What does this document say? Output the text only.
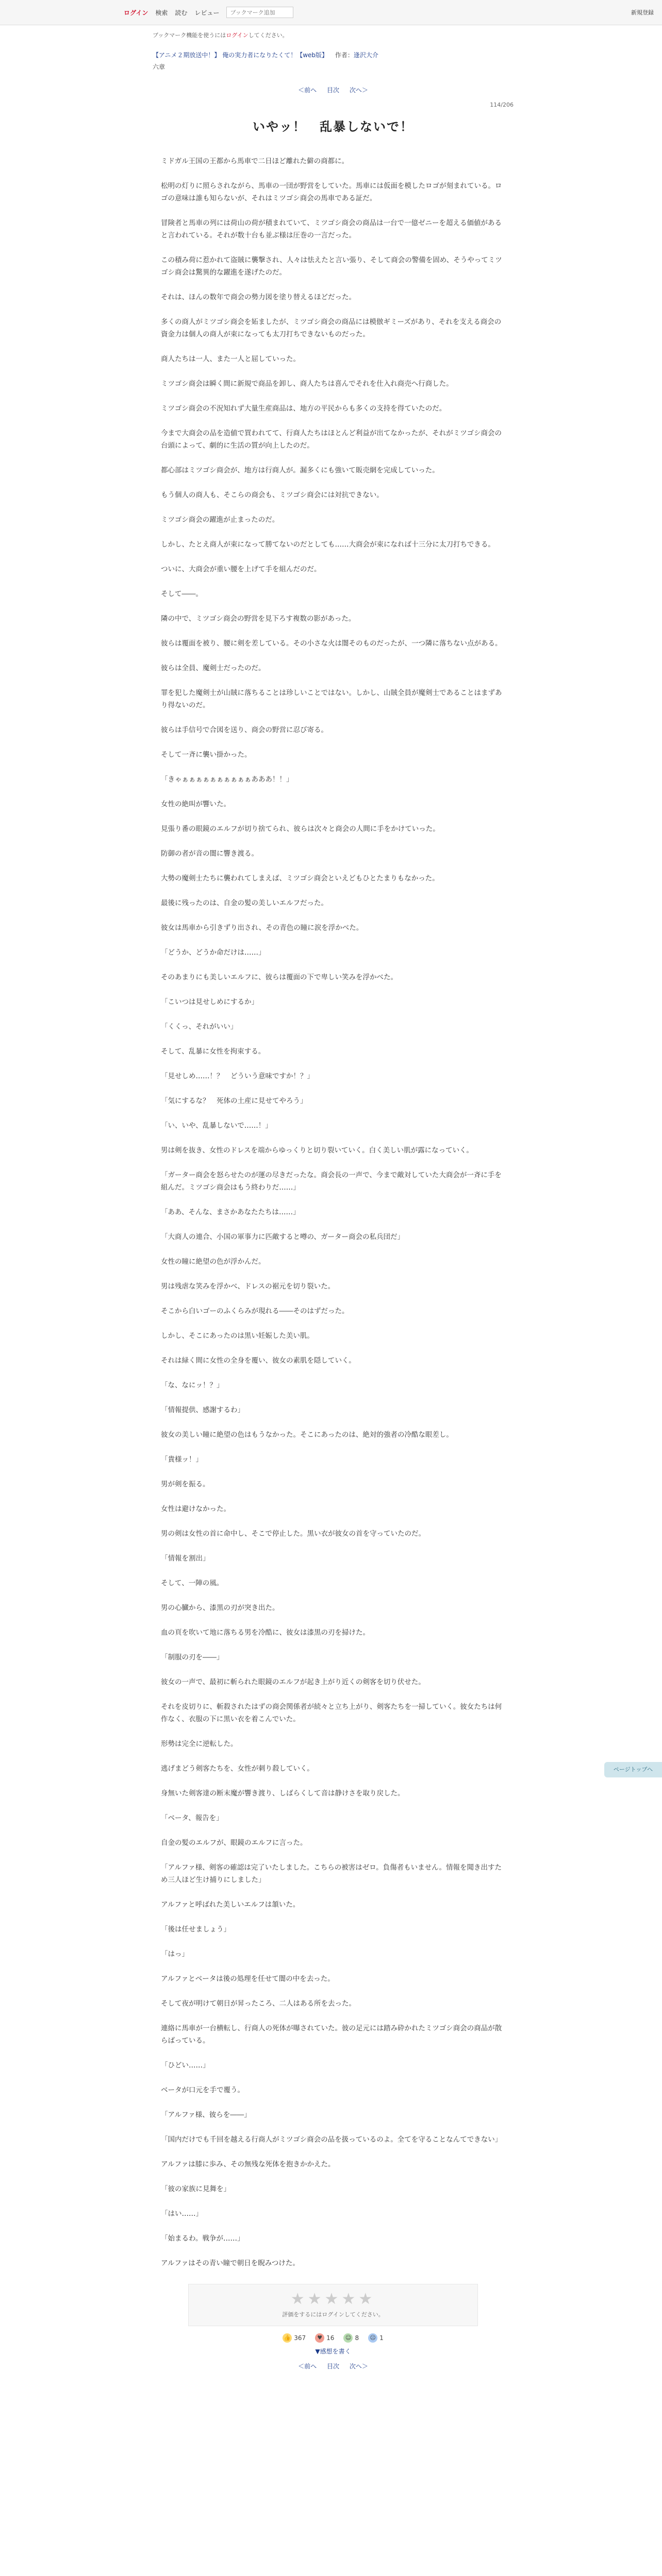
ログイン 検索 読む レビュー
ブックマーク追加	新規登録
ブックマーク機能を使うにはログインしてください。
【アニメ２期放送中！】 俺の実力者になりたくて！【web版】 作者：逢沢大介
六章
＜前へ 目次 次へ＞
114/206
いやッ！　乱暴しないで！

ミドガル王国の王都から馬車で二日ほど離れた僻の商都に。

松明の灯りに照らされながら、馬車の一団が野営をしていた。馬車には仮面を模したロゴが刻まれている。ロゴの意味は誰も知らないが、それはミツゴシ商会の馬車である証だ。

冒険者と馬車の列には荷山の荷が積まれていて、ミツゴシ商会の商品は一台で一億ゼニーを超える価値があると言われている。それが数十台も並ぶ様は圧巻の一言だった。

この積み荷に惹かれて盗賊に襲撃され、人々は怯えたと言い張り、そして商会の警備を固め、そうやってミツゴシ商会は驚異的な躍進を遂げたのだ。

それは、ほんの数年で商会の勢力図を塗り替えるほどだった。

多くの商人がミツゴシ商会を妬ましたが、ミツゴシ商会の商品には模倣ギミーズがあり、それを支える商会の資金力は個人の商人が束になっても太刀打ちできないものだった。

商人たちは一人、また一人と屈していった。

ミツゴシ商会は瞬く間に新規で商品を卸し、商人たちは喜んでそれを仕入れ商売へ行商した。

ミツゴシ商会の不況知れず大量生産商品は、地方の平民からも多くの支持を得ていたのだ。

今まで大商会の品を造値で買われてて、行商人たちはほとんど利益が出てなかったが、それがミツゴシ商会の台頭によって、劇的に生活の質が向上したのだ。

都心部はミツゴシ商会が、地方は行商人が。漏多くにも強いて販売網を完成していった。

もう個人の商人も、そこらの商会も、ミツゴシ商会には対抗できない。

ミツゴシ商会の躍進が止まったのだ。

しかし、たとえ商人が束になって勝てないのだとしても……大商会が束になれば十三分に太刀打ちできる。

ついに、大商会が重い腰を上げて手を組んだのだ。

そして――。

隣の中で、ミツゴシ商会の野営を見下ろす複数の影があった。

彼らは覆面を被り、腰に剣を差している。その小さな火は闇そのものだったが、一つ隣に落ちない点がある。

彼らは全員、魔剣士だったのだ。

罪を犯した魔剣士が山賊に落ちることは珍しいことではない。しかし、山賊全員が魔剣士であることはまずあり得ないのだ。

彼らは手信号で合図を送り、商会の野営に忍び寄る。

そして一斉に襲い掛かった。

「きゃぁぁぁぁぁぁぁぁぁぁあああ！！」

女性の絶叫が響いた。

見張り番の眼鏡のエルフが切り捨てられ、彼らは次々と商会の人間に手をかけていった。

防御の者が音の闇に響き渡る。

大勢の魔剣士たちに襲われてしまえば、ミツゴシ商会といえどもひとたまりもなかった。

最後に残ったのは、自金の髪の美しいエルフだった。

彼女は馬車から引きずり出され、その青色の瞳に涙を浮かべた。

「どうか、どうか命だけは……」

そのあまりにも美しいエルフに、彼らは覆面の下で卑しい笑みを浮かべた。

「こいつは見せしめにするか」

「くくっ、それがいい」

そして、乱暴に女性を拘束する。

「見せしめ……！？　どういう意味ですか！？」

「気にするな？　死体の土産に見せてやろう」

「い、いや、乱暴しないで……！」

男は剣を抜き、女性のドレスを端からゆっくりと切り裂いていく。白く美しい肌が露になっていく。

「ガーター商会を怒らせたのが運の尽きだったな。商会長の一声で、今まで敵対していた大商会が一斉に手を組んだ。ミツゴシ商会はもう終わりだ……」

「ああ、そんな、まさかあなたたちは……」

「大商人の連合、小国の軍事力に匹敵すると噂の、ガーター商会の私兵団だ」

女性の瞳に絶望の色が浮かんだ。

男は残虐な笑みを浮かべ、ドレスの裾元を切り裂いた。

そこから白いゴーのふくらみが現れる――そのはずだった。

しかし、そこにあったのは黒い妊娠した美い肌。

それは緑く間に女性の全身を覆い、彼女の素肌を隠していく。

「な、なにッ！？」

「情報提供、感謝するわ」

彼女の美しい瞳に絶望の色はもうなかった。そこにあったのは、絶対的強者の冷酷な眼差し。

「貴様ッ！」

男が剣を振る。

女性は避けなかった。

男の剣は女性の首に命中し、そこで停止した。黒い衣が彼女の首を守っていたのだ。

「情報を割出」

そして、一陣の風。

男の心臓から、漆黒の刃が突き出た。

血の頁を吹いて地に落ちる男を冷酷に、彼女は漆黒の刃を掃けた。

「制服の刃を――」

彼女の一声で、最初に斬られた眼鏡のエルフが起き上がり近くの剣客を切り伏せた。

それを皮切りに、斬殺されたはずの商会関係者が続々と立ち上がり、剣客たちを一掃していく。彼女たちは何作なく、衣服の下に黒い衣を着こんでいた。

形勢は完全に逆転した。

逃げまどう剣客たちを、女性が刺り殺していく。

身無いた剣客達の断末魔が響き渡り、しばらくして音は静けさを取り戻した。

「ベータ、報告を」

自金の髪のエルフが、眼鏡のエルフに言った。

「アルファ様、剣客の確認は完了いたしました。こちらの被害はゼロ。負傷者もいません。情報を聞き出すため三人ほど生け捕りにしました」

アルファと呼ばれた美しいエルフは頷いた。

「後は任せましょう」

「はっ」

アルファとベータは後の処理を任せて闇の中を去った。

そして夜が明けて朝日が昇ったころ、二人はある所を去った。

連絡に馬車が一台横転し、行商人の死体が曝されていた。彼の足元には踏み砕かれたミツゴシ商会の商品が散らばっている。

「ひどい……」

ベータが口元を手で覆う。

「アルファ様、彼らを――」

「国内だけでも千回を越える行商人がミツゴシ商会の品を扱っているのよ。全てを守ることなんてできない」

アルファは膝に歩み、その無残な死体を抱きかかえた。

「彼の家族に見舞を」

「はい……」

「始まるわ。戦争が……」

アルファはその青い瞳で朝日を睨みつけた。

★★★★★
評価をするにはログインしてください。
👍 367	♥ 16 ☺ 8 ☹ 1
▼感想を書く
＜前へ 目次 次へ＞
ページトップへ
